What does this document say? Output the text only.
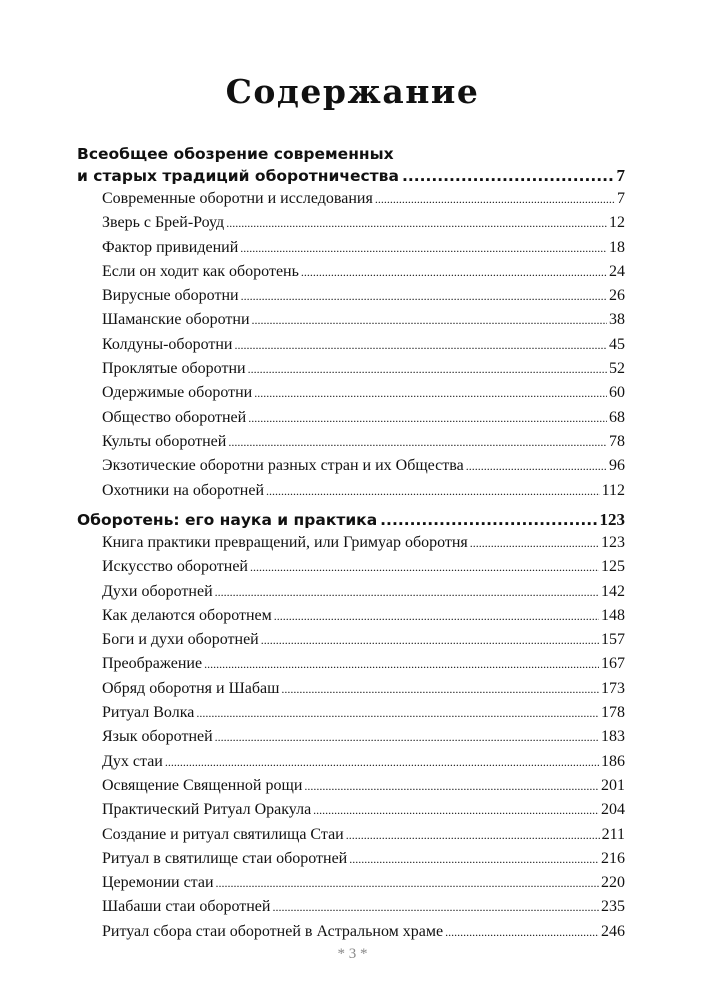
Содержание
Всеобщее обозрение современных
и старых традиций оборотничества .....	7
Современные оборотни и исследования .....	7
Зверь с Брей-Роуд .....	12
Фактор привидений .....	18
Если он ходит как оборотень .....	24
Вирусные оборотни .....	26
Шаманские оборотни .....	38
Колдуны-оборотни .....	45
Проклятые оборотни .....	52
Одержимые оборотни .....	60
Общество оборотней .....	68
Культы оборотней .....	78
Экзотические оборотни разных стран и их Общества .....	96
Охотники на оборотней .....	112
Оборотень: его наука и практика .....	123
Книга практики превращений, или Гримуар оборотня .....	123
Искусство оборотней .....	125
Духи оборотней .....	142
Как делаются оборотнем .....	148
Боги и духи оборотней .....	157
Преображение .....	167
Обряд оборотня и Шабаш .....	173
Ритуал Волка .....	178
Язык оборотней .....	183
Дух стаи .....	186
Освящение Священной рощи .....	201
Практический Ритуал Оракула .....	204
Создание и ритуал святилища Стаи .....	211
Ритуал в святилище стаи оборотней .....	216
Церемонии стаи .....	220
Шабаши стаи оборотней .....	235
Ритуал сбора стаи оборотней в Астральном храме .....	246
* 3 *
